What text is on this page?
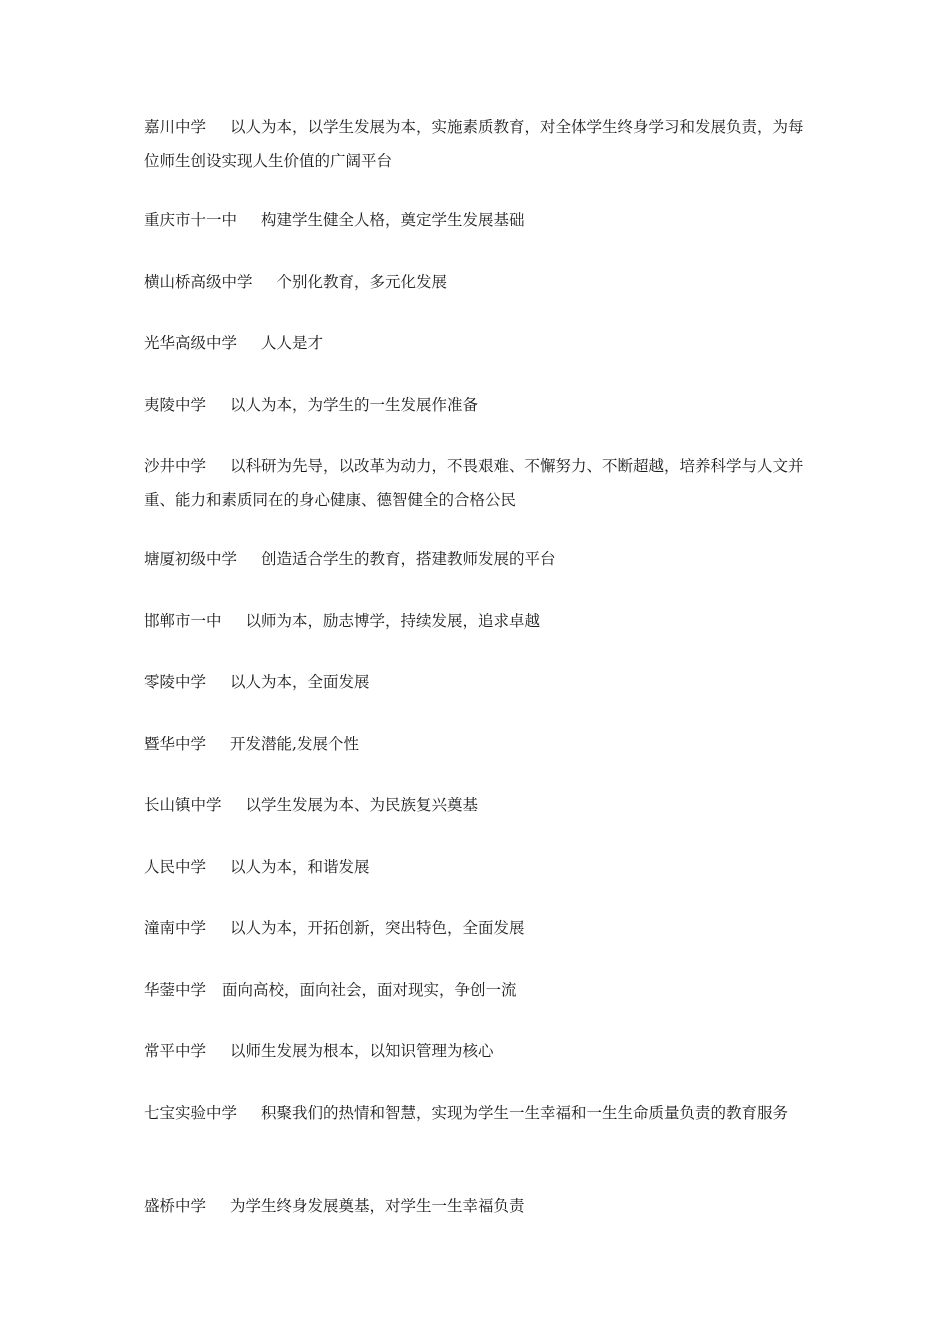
嘉川中学 以人为本，以学生发展为本，实施素质教育，对全体学生终身学习和发展负责，为每位师生创设实现人生价值的广阔平台

重庆市十一中 构建学生健全人格，奠定学生发展基础

横山桥高级中学 个别化教育，多元化发展

光华高级中学 人人是才

夷陵中学 以人为本，为学生的一生发展作准备

沙井中学 以科研为先导，以改革为动力，不畏艰难、不懈努力、不断超越，培养科学与人文并重、能力和素质同在的身心健康、德智健全的合格公民

塘厦初级中学 创造适合学生的教育，搭建教师发展的平台

邯郸市一中 以师为本，励志博学，持续发展，追求卓越

零陵中学 以人为本，全面发展

暨华中学 开发潜能,发展个性

长山镇中学 以学生发展为本、为民族复兴奠基

人民中学 以人为本，和谐发展

潼南中学 以人为本，开拓创新，突出特色，全面发展

华蓥中学 面向高校，面向社会，面对现实，争创一流

常平中学 以师生发展为根本，以知识管理为核心

七宝实验中学 积聚我们的热情和智慧，实现为学生一生幸福和一生生命质量负责的教育服务

盛桥中学 为学生终身发展奠基，对学生一生幸福负责
